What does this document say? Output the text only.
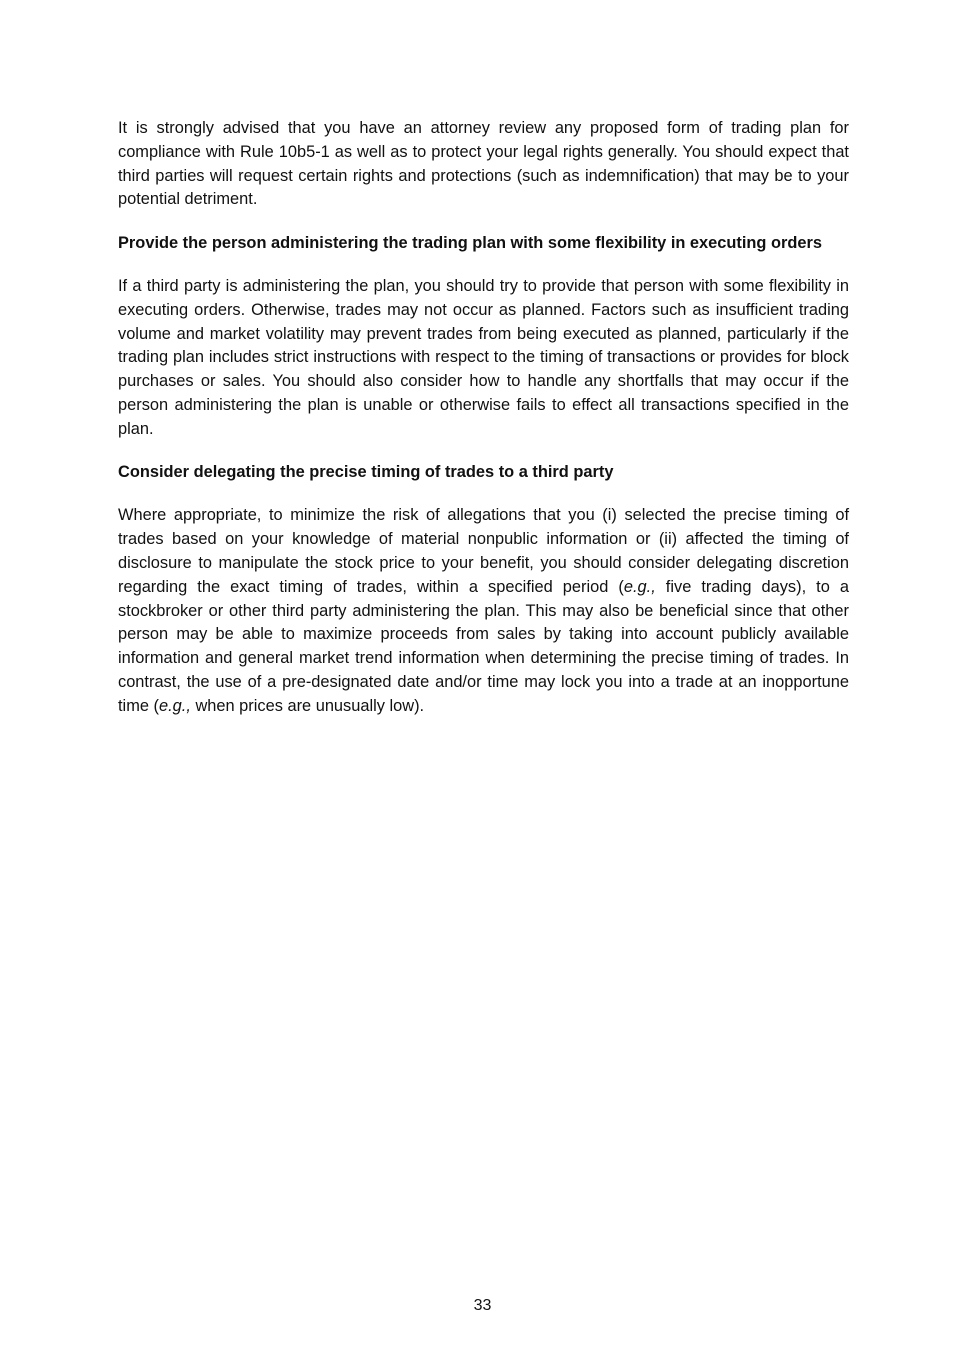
It is strongly advised that you have an attorney review any proposed form of trading plan for compliance with Rule 10b5-1 as well as to protect your legal rights generally. You should expect that third parties will request certain rights and protections (such as indemnification) that may be to your potential detriment.

Provide the person administering the trading plan with some flexibility in executing orders

If a third party is administering the plan, you should try to provide that person with some flexibility in executing orders. Otherwise, trades may not occur as planned. Factors such as insufficient trading volume and market volatility may prevent trades from being executed as planned, particularly if the trading plan includes strict instructions with respect to the timing of transactions or provides for block purchases or sales. You should also consider how to handle any shortfalls that may occur if the person administering the plan is unable or otherwise fails to effect all transactions specified in the plan.

Consider delegating the precise timing of trades to a third party

Where appropriate, to minimize the risk of allegations that you (i) selected the precise timing of trades based on your knowledge of material nonpublic information or (ii) affected the timing of disclosure to manipulate the stock price to your benefit, you should consider delegating discretion regarding the exact timing of trades, within a specified period (e.g., five trading days), to a stockbroker or other third party administering the plan. This may also be beneficial since that other person may be able to maximize proceeds from sales by taking into account publicly available information and general market trend information when determining the precise timing of trades. In contrast, the use of a pre-designated date and/or time may lock you into a trade at an inopportune time (e.g., when prices are unusually low).

33
